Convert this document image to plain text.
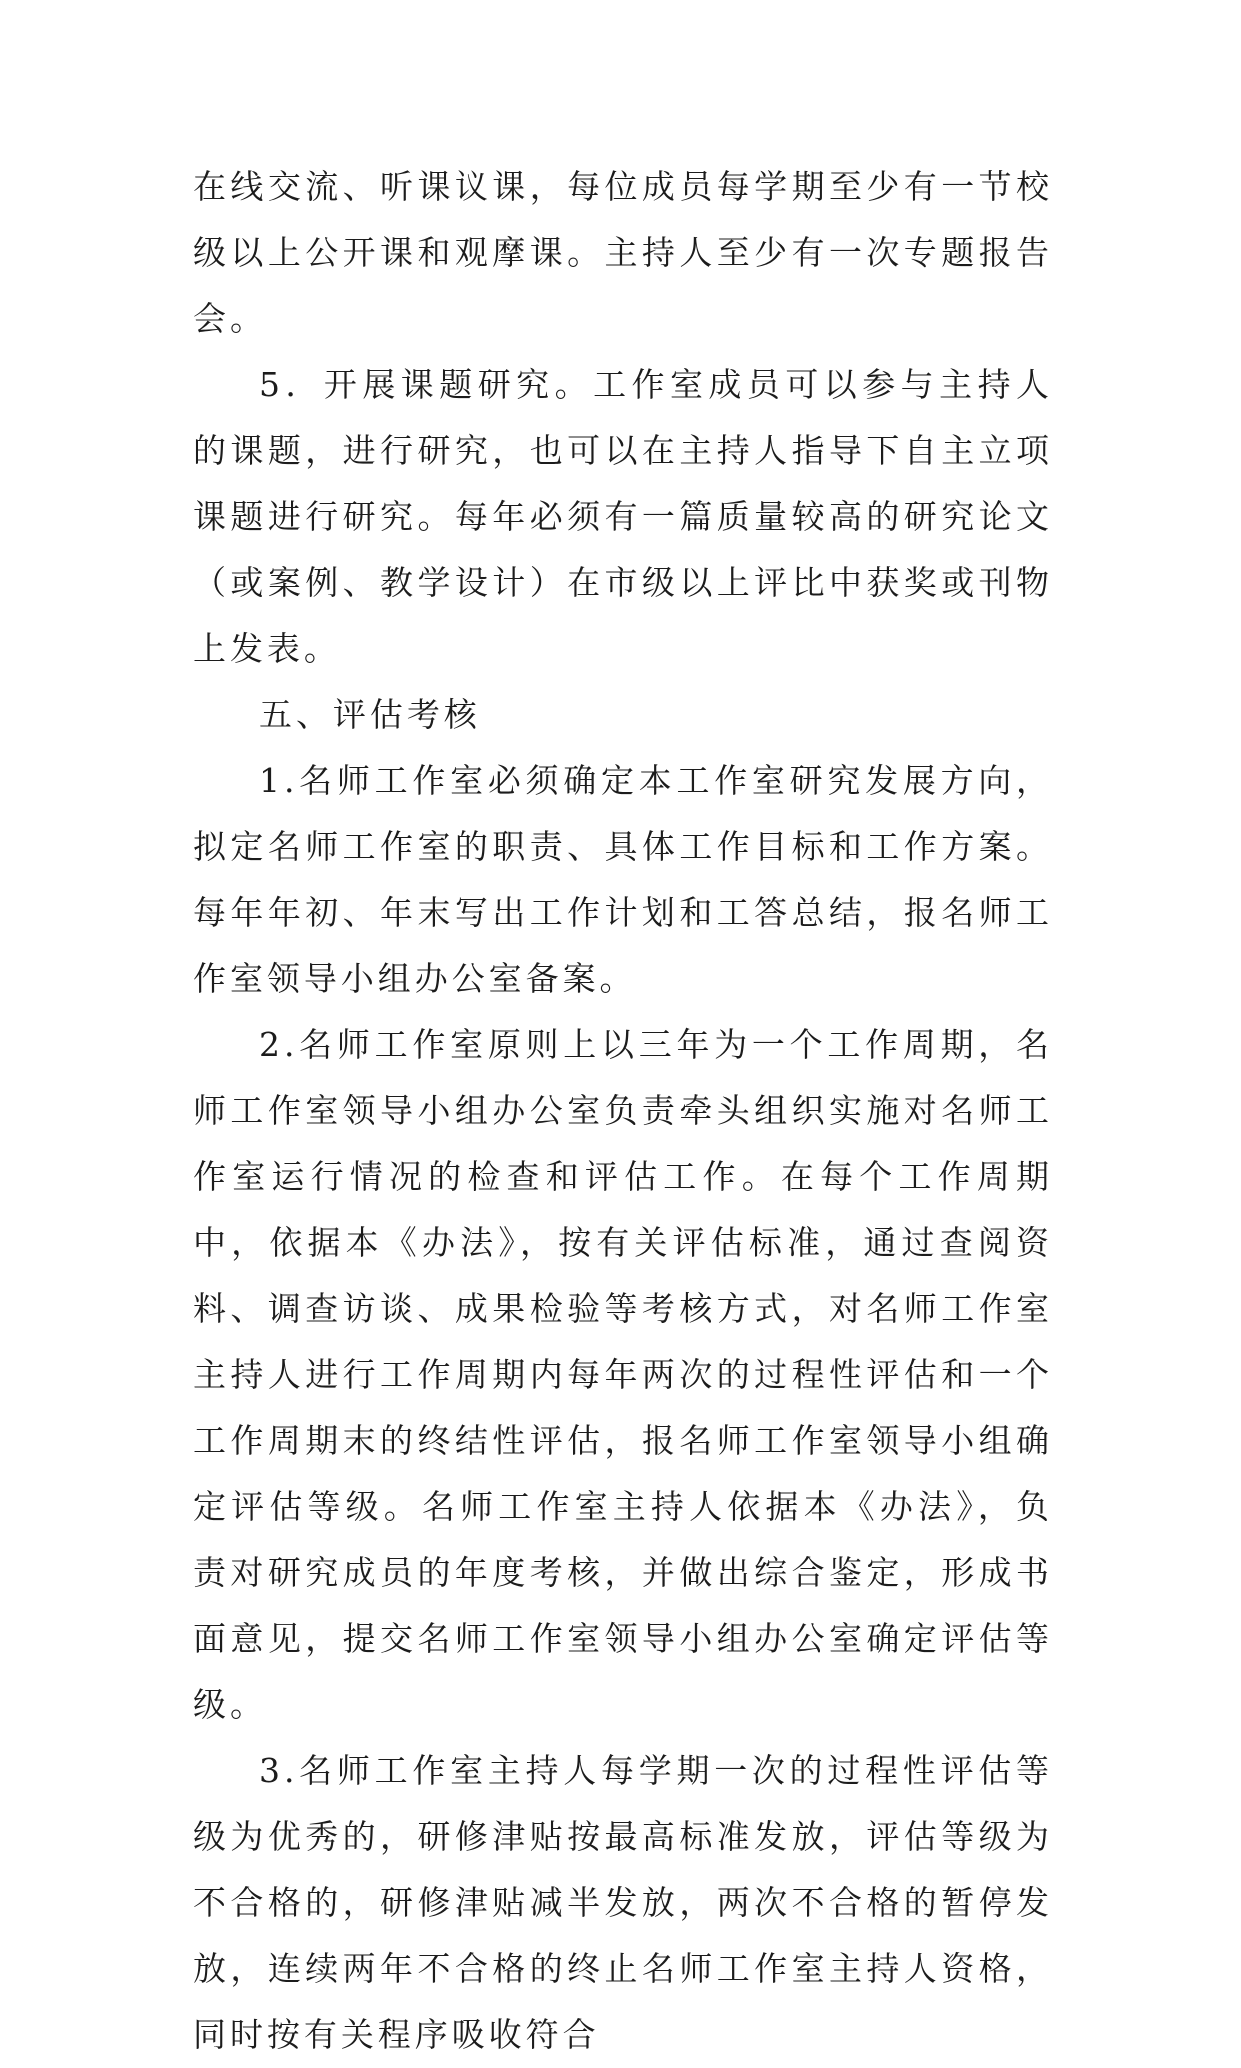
在线交流、听课议课，每位成员每学期至少有一节校级以上公开课和观摩课。主持人至少有一次专题报告会。

5．开展课题研究。工作室成员可以参与主持人的课题，进行研究，也可以在主持人指导下自主立项课题进行研究。每年必须有一篇质量较高的研究论文（或案例、教学设计）在市级以上评比中获奖或刊物上发表。

五、评估考核

1.名师工作室必须确定本工作室研究发展方向，拟定名师工作室的职责、具体工作目标和工作方案。每年年初、年末写出工作计划和工答总结，报名师工作室领导小组办公室备案。

2.名师工作室原则上以三年为一个工作周期，名师工作室领导小组办公室负责牵头组织实施对名师工作室运行情况的检查和评估工作。在每个工作周期中，依据本《办法》，按有关评估标准，通过查阅资料、调查访谈、成果检验等考核方式，对名师工作室主持人进行工作周期内每年两次的过程性评估和一个工作周期末的终结性评估，报名师工作室领导小组确定评估等级。名师工作室主持人依据本《办法》，负责对研究成员的年度考核，并做出综合鉴定，形成书面意见，提交名师工作室领导小组办公室确定评估等级。

3.名师工作室主持人每学期一次的过程性评估等级为优秀的，研修津贴按最高标准发放，评估等级为不合格的，研修津贴减半发放，两次不合格的暂停发放，连续两年不合格的终止名师工作室主持人资格，同时按有关程序吸收符合
